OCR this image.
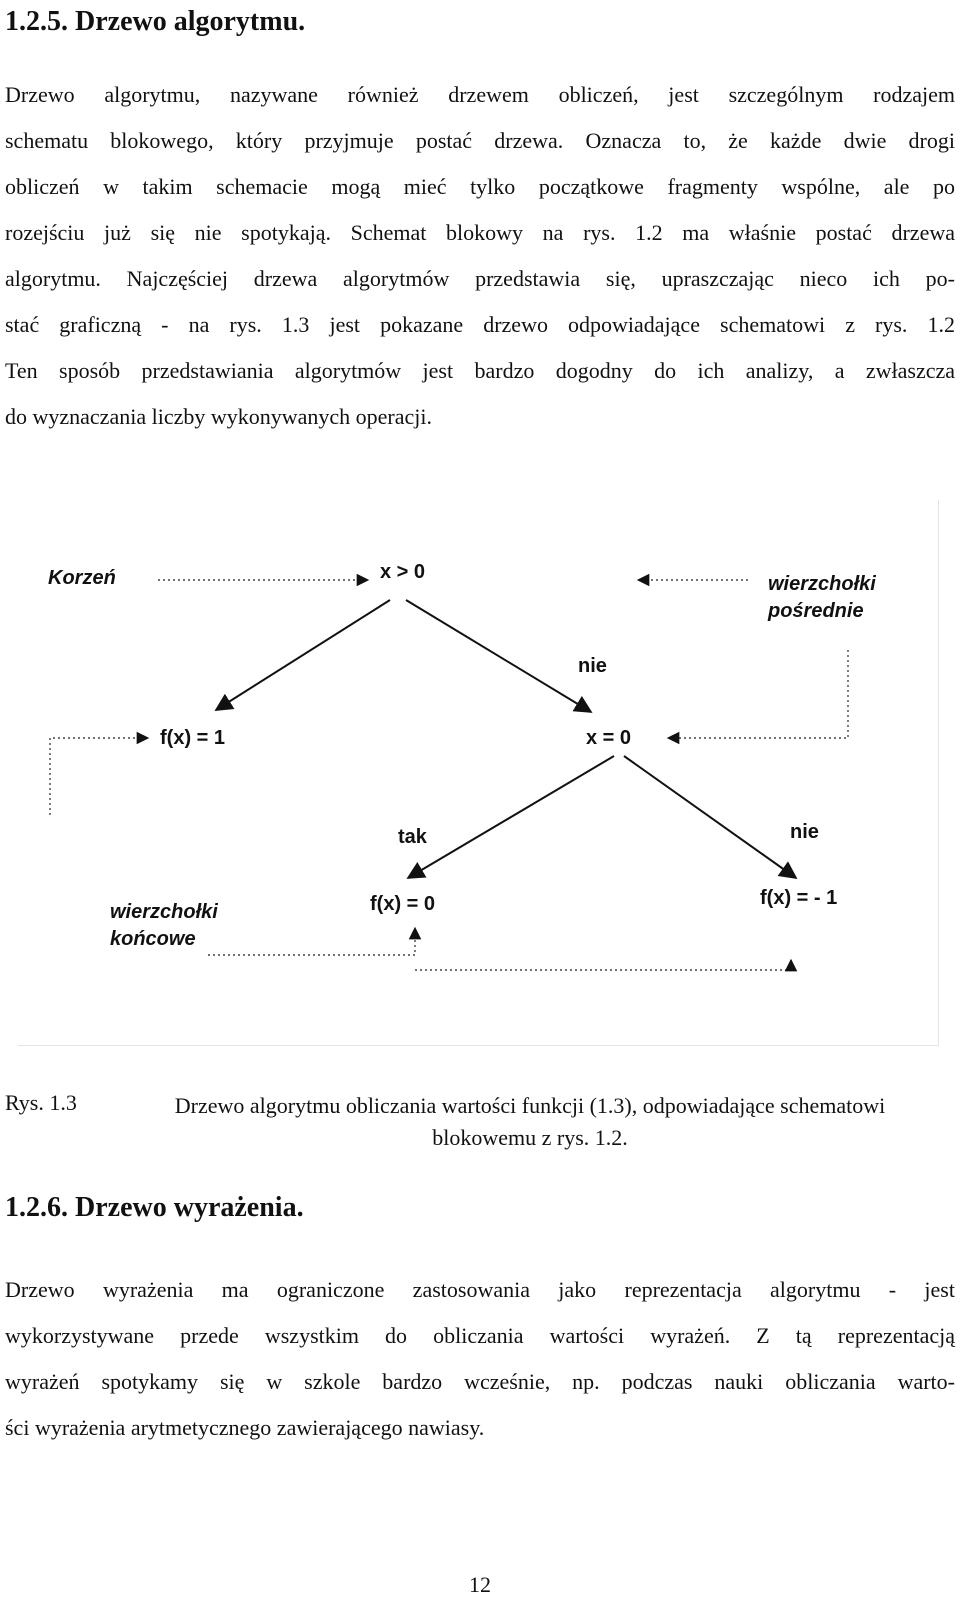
1.2.5. Drzewo algorytmu.
Drzewo algorytmu, nazywane również drzewem obliczeń, jest szczególnym rodzajem
schematu blokowego, który przyjmuje postać drzewa. Oznacza to, że każde dwie drogi
obliczeń w takim schemacie mogą mieć tylko początkowe fragmenty wspólne, ale po
rozejściu już się nie spotykają. Schemat blokowy na rys. 1.2 ma właśnie postać drzewa
algorytmu. Najczęściej drzewa algorytmów przedstawia się, upraszczając nieco ich po-
stać graficzną - na rys. 1.3 jest pokazane drzewo odpowiadające schematowi z rys. 1.2
Ten sposób przedstawiania algorytmów jest bardzo dogodny do ich analizy, a zwłaszcza
do wyznaczania liczby wykonywanych operacji.
Korzeń	x > 0
wierzchołki
pośrednie
nie
f(x) = 1	x = 0
tak	nie
wierzchołki
końcowe
f(x) = 0	f(x) = - 1
Rys. 1.3	Drzewo algorytmu obliczania wartości funkcji (1.3), odpowiadające schematowi blokowemu z rys. 1.2.
1.2.6. Drzewo wyrażenia.
Drzewo wyrażenia ma ograniczone zastosowania jako reprezentacja algorytmu - jest
wykorzystywane przede wszystkim do obliczania wartości wyrażeń. Z tą reprezentacją
wyrażeń spotykamy się w szkole bardzo wcześnie, np. podczas nauki obliczania warto-
ści wyrażenia arytmetycznego zawierającego nawiasy.
12
